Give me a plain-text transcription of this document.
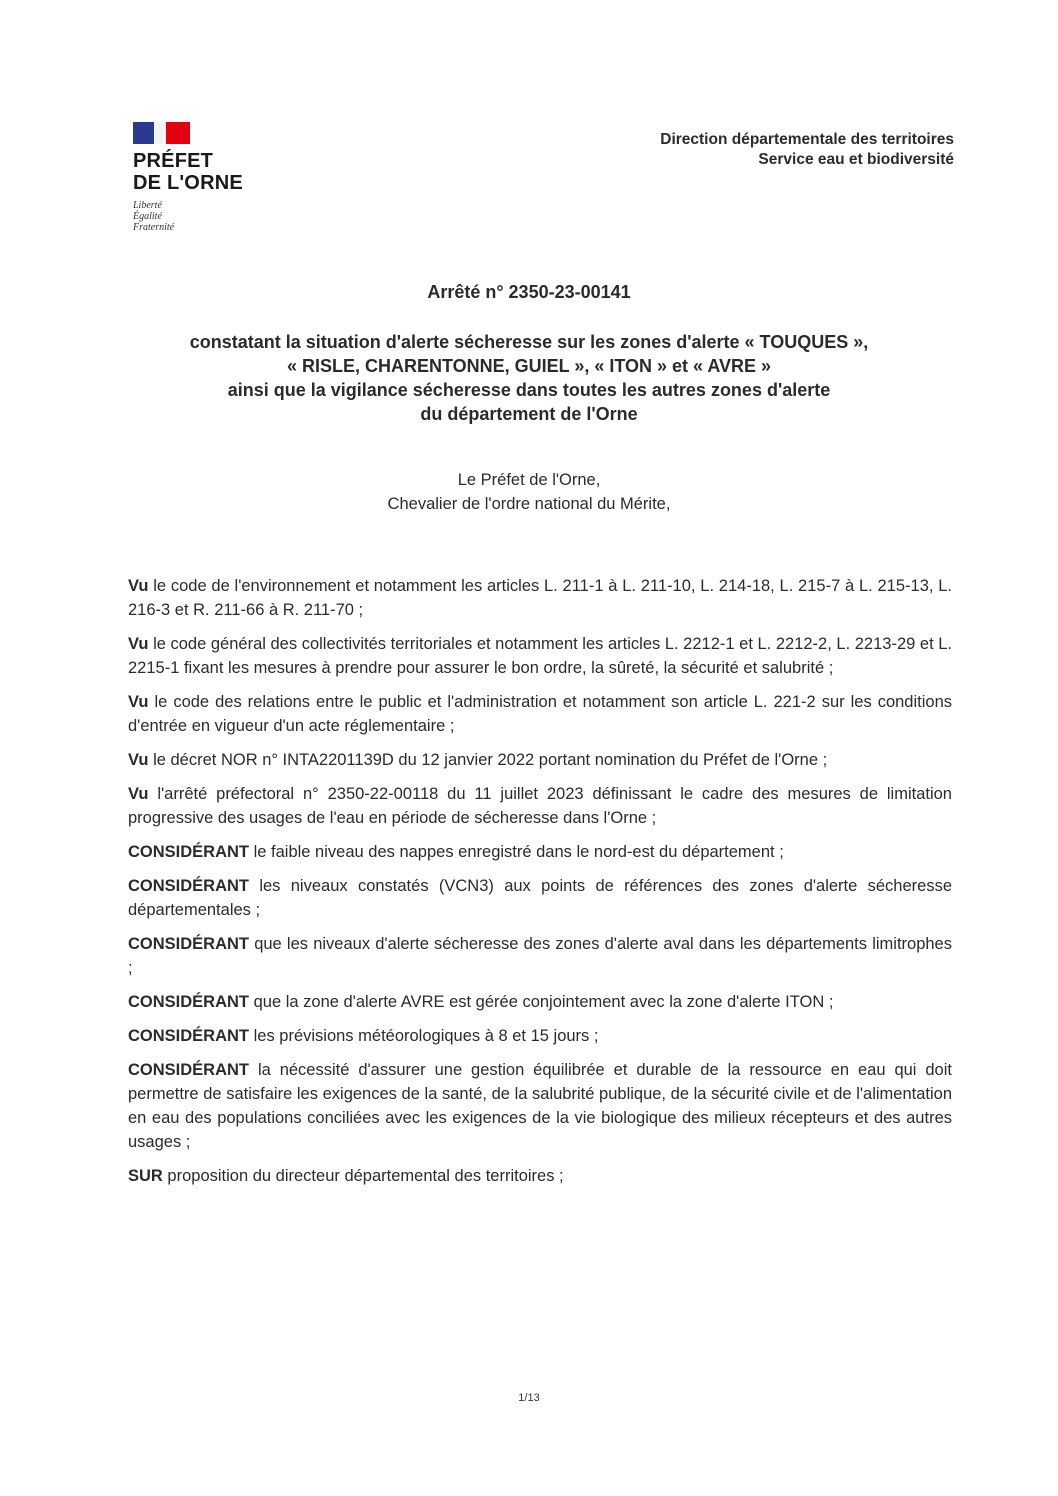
PRÉFET
DE L'ORNE
Liberté
Égalité
Fraternité
Direction départementale des territoires
Service eau et biodiversité
Arrêté n° 2350-23-00141
constatant la situation d'alerte sécheresse sur les zones d'alerte « TOUQUES »,
« RISLE, CHARENTONNE, GUIEL », « ITON » et « AVRE »
ainsi que la vigilance sécheresse dans toutes les autres zones d'alerte
du département de l'Orne
Le Préfet de l'Orne,
Chevalier de l'ordre national du Mérite,

Vu le code de l'environnement et notamment les articles L. 211-1 à L. 211-10, L. 214-18, L. 215-7 à L. 215-13, L. 216-3 et R. 211-66 à R. 211-70 ;

Vu le code général des collectivités territoriales et notamment les articles L. 2212-1 et L. 2212-2, L. 2213-29 et L. 2215-1 fixant les mesures à prendre pour assurer le bon ordre, la sûreté, la sécurité et salubrité ;

Vu le code des relations entre le public et l'administration et notamment son article L. 221-2 sur les conditions d'entrée en vigueur d'un acte réglementaire ;

Vu le décret NOR n° INTA2201139D du 12 janvier 2022 portant nomination du Préfet de l'Orne ;

Vu l'arrêté préfectoral n° 2350-22-00118 du 11 juillet 2023 définissant le cadre des mesures de limitation progressive des usages de l'eau en période de sécheresse dans l'Orne ;

CONSIDÉRANT le faible niveau des nappes enregistré dans le nord-est du département ;

CONSIDÉRANT les niveaux constatés (VCN3) aux points de références des zones d'alerte sécheresse départementales ;

CONSIDÉRANT que les niveaux d'alerte sécheresse des zones d'alerte aval dans les départements limitrophes ;

CONSIDÉRANT que la zone d'alerte AVRE est gérée conjointement avec la zone d'alerte ITON ;

CONSIDÉRANT les prévisions météorologiques à 8 et 15 jours ;

CONSIDÉRANT la nécessité d'assurer une gestion équilibrée et durable de la ressource en eau qui doit permettre de satisfaire les exigences de la santé, de la salubrité publique, de la sécurité civile et de l'alimentation en eau des populations conciliées avec les exigences de la vie biologique des milieux récepteurs et des autres usages ;

SUR proposition du directeur départemental des territoires ;

1/13
